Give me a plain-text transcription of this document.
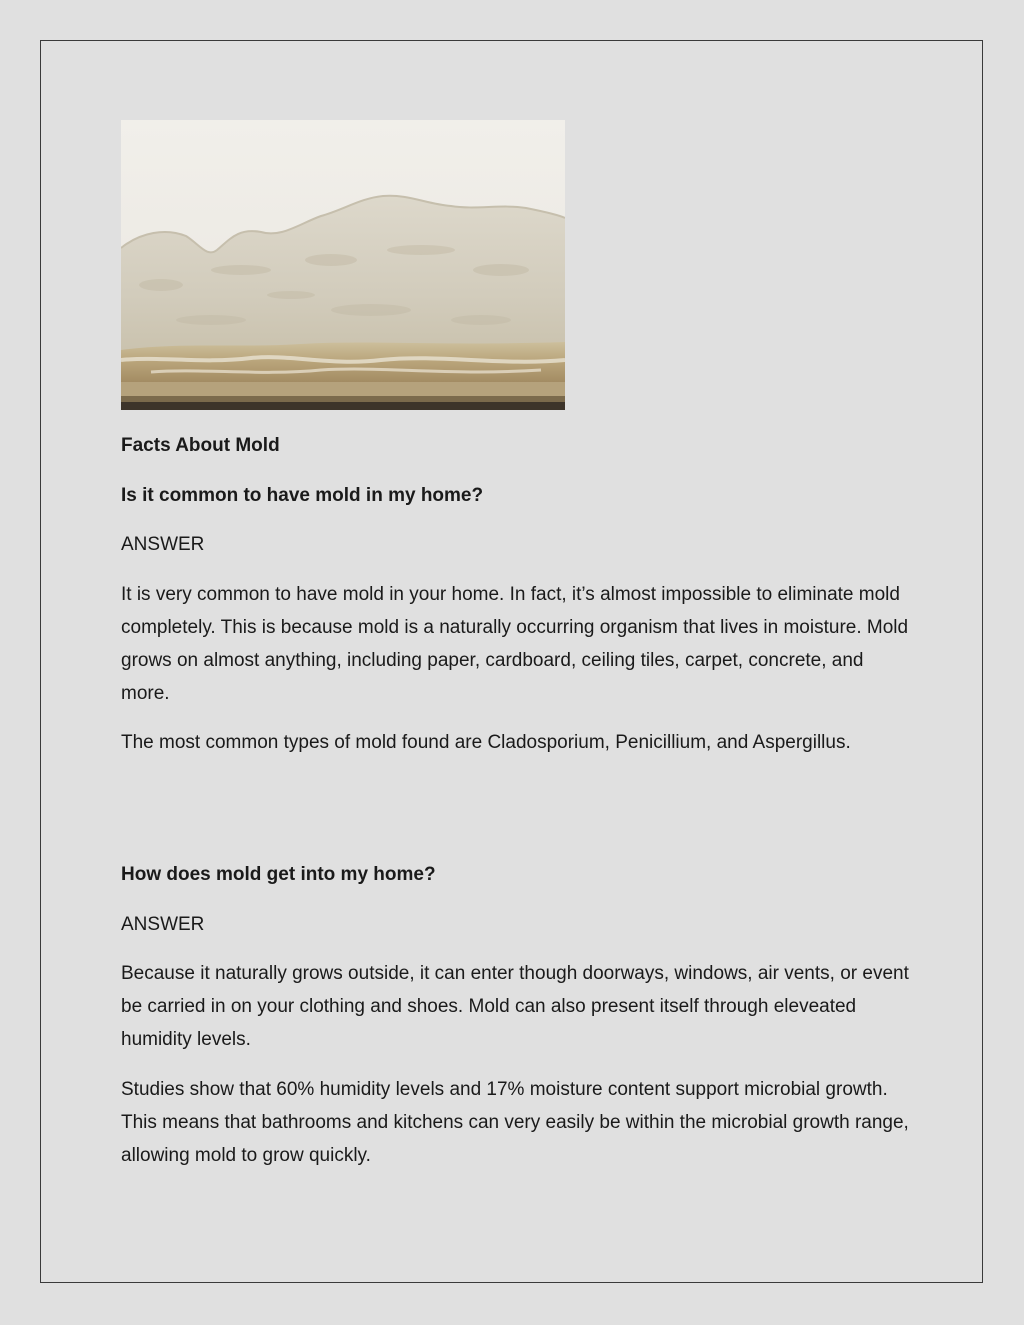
Facts About Mold

Is it common to have mold in my home?

ANSWER

It is very common to have mold in your home. In fact, it’s almost impossible to eliminate mold completely. This is because mold is a naturally occurring organism that lives in moisture. Mold grows on almost anything, including paper, cardboard, ceiling tiles, carpet, concrete, and more.

The most common types of mold found are Cladosporium, Penicillium, and Aspergillus.

How does mold get into my home?

ANSWER

Because it naturally grows outside, it can enter though doorways, windows, air vents, or event be carried in on your clothing and shoes. Mold can also present itself through eleveated humidity levels.

Studies show that 60% humidity levels and 17% moisture content support microbial growth. This means that bathrooms and kitchens can very easily be within the microbial growth range, allowing mold to grow quickly.
